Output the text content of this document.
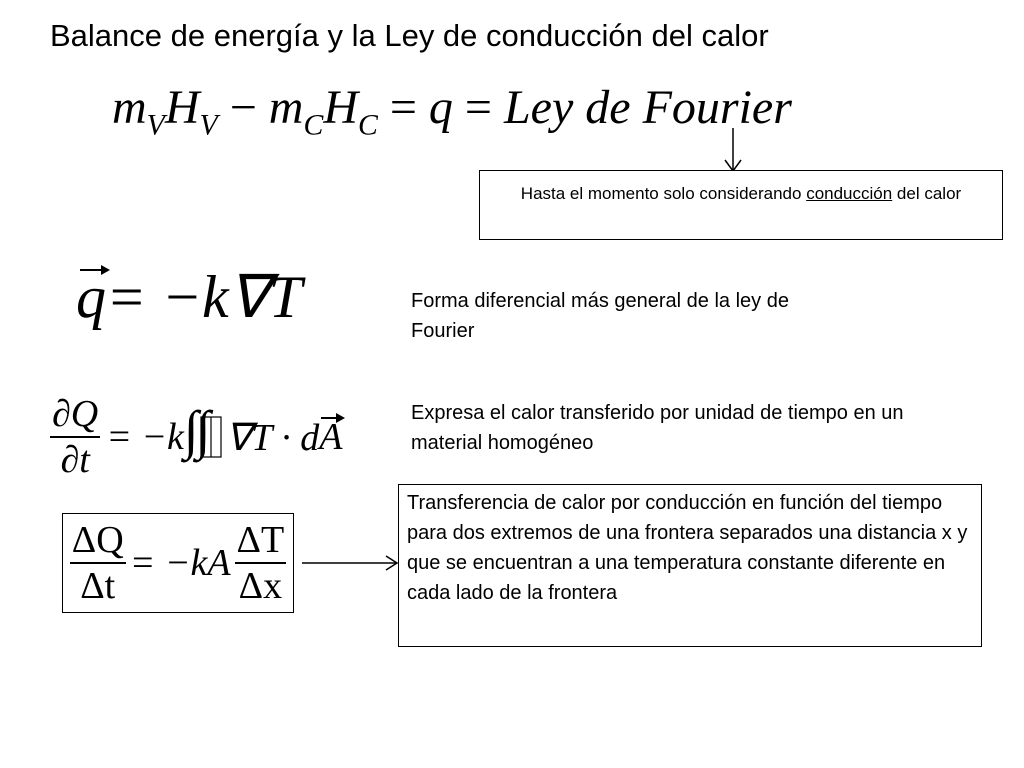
Balance de energía y la Ley de conducción del calor
$m_VH_V - m_CH_C = q$ = Ley de Fourier
Hasta el momento solo considerando conducción del calor
q= −k∇T	Forma diferencial más general de la ley de Fourier
$\frac{\partial Q}{\partial t} = -k$ ∫
∫ ∇T · d A
Expresa el calor transferido por unidad de tiempo en un material homogéneo
$\frac{\Delta Q}{\Delta t} = -kA \frac{\Delta T}{\Delta x}$
Transferencia de calor por conducción en función del tiempo para dos extremos de una frontera separados una distancia x y que se encuentran a una temperatura constante diferente en cada lado de la frontera
